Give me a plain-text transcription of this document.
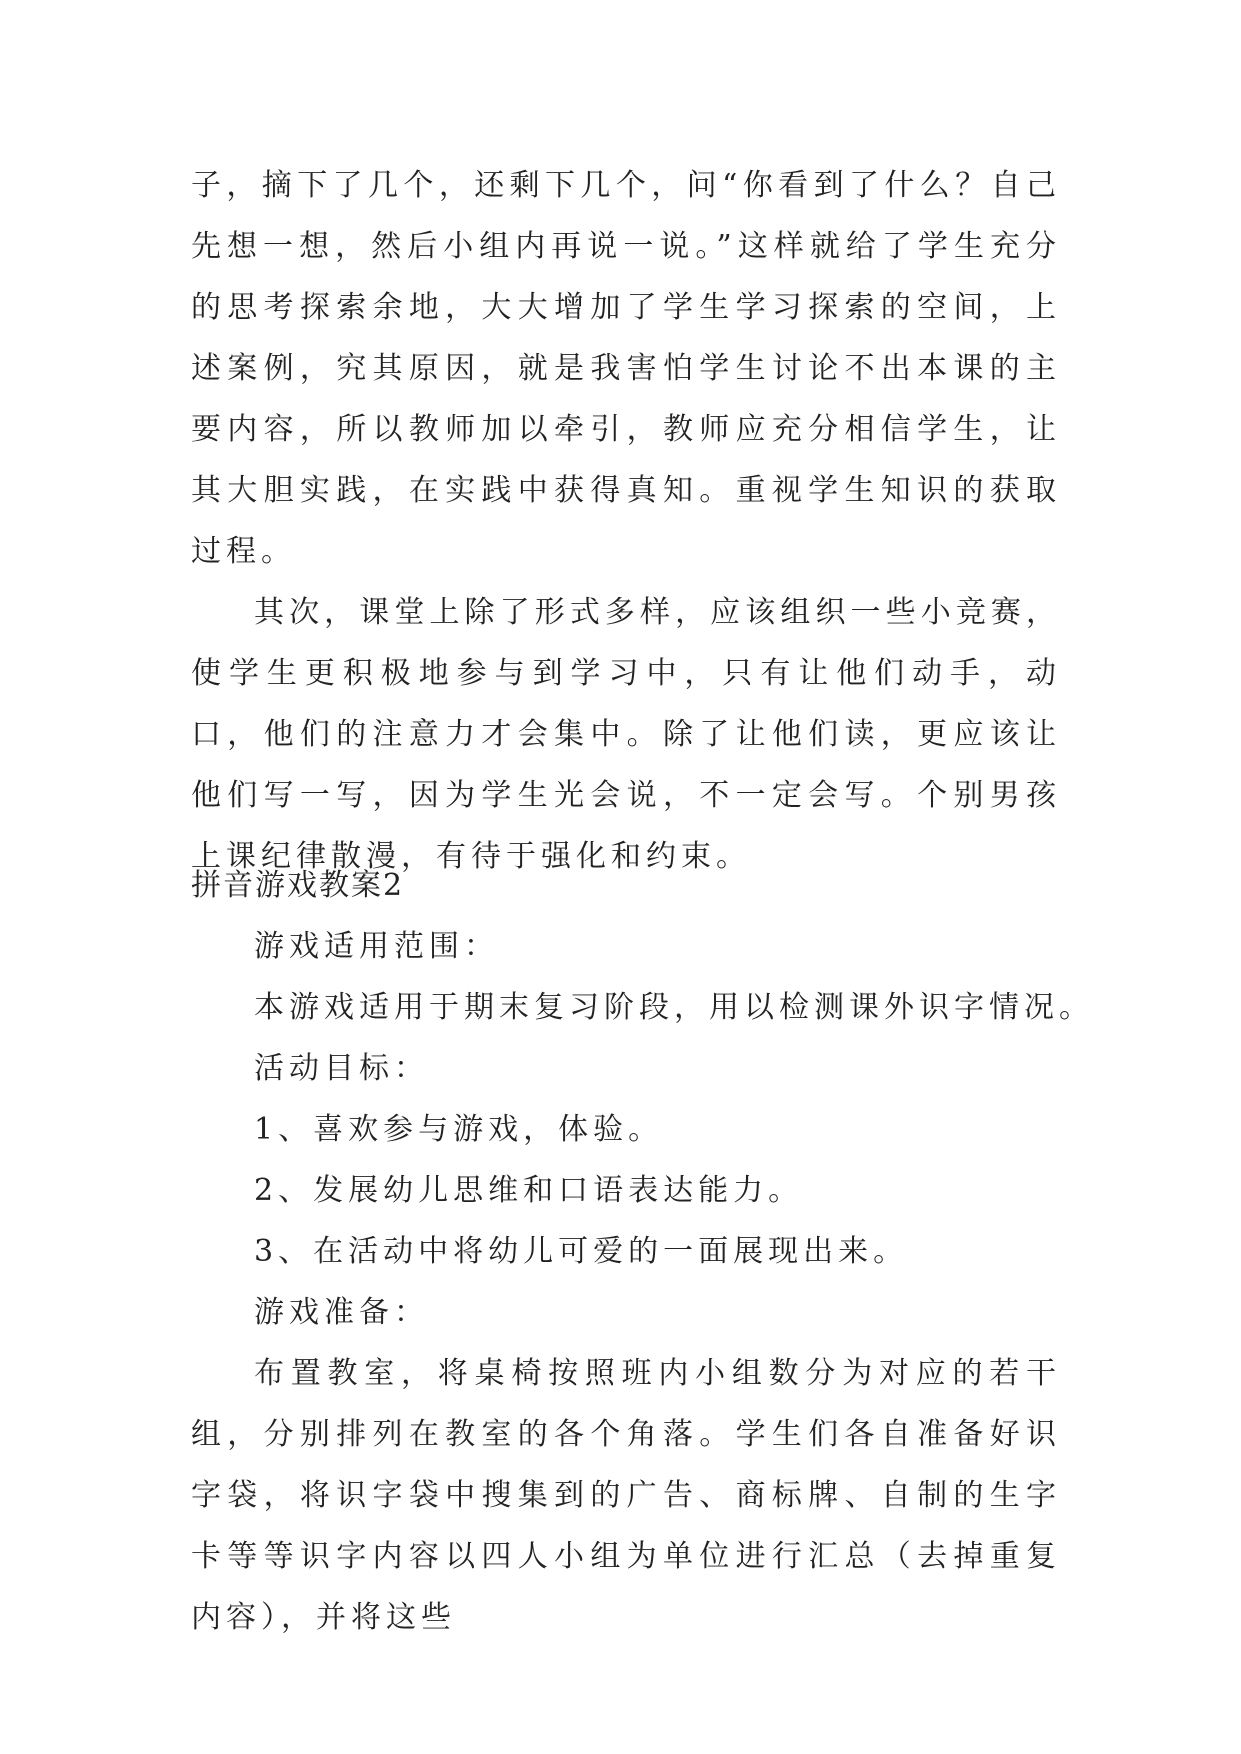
子，摘下了几个，还剩下几个，问“你看到了什么？自己先想一想，然后小组内再说一说。”这样就给了学生充分的思考探索余地，大大增加了学生学习探索的空间，上述案例，究其原因，就是我害怕学生讨论不出本课的主要内容，所以教师加以牵引，教师应充分相信学生，让其大胆实践，在实践中获得真知。重视学生知识的获取过程。

其次，课堂上除了形式多样，应该组织一些小竞赛，使学生更积极地参与到学习中，只有让他们动手，动口，他们的注意力才会集中。除了让他们读，更应该让他们写一写，因为学生光会说，不一定会写。个别男孩上课纪律散漫，有待于强化和约束。

拼音游戏教案2

游戏适用范围：

本游戏适用于期末复习阶段，用以检测课外识字情况。

活动目标：

1、喜欢参与游戏，体验。

2、发展幼儿思维和口语表达能力。

3、在活动中将幼儿可爱的一面展现出来。

游戏准备：

布置教室，将桌椅按照班内小组数分为对应的若干组，分别排列在教室的各个角落。学生们各自准备好识字袋，将识字袋中搜集到的广告、商标牌、自制的生字卡等等识字内容以四人小组为单位进行汇总（去掉重复内容），并将这些
